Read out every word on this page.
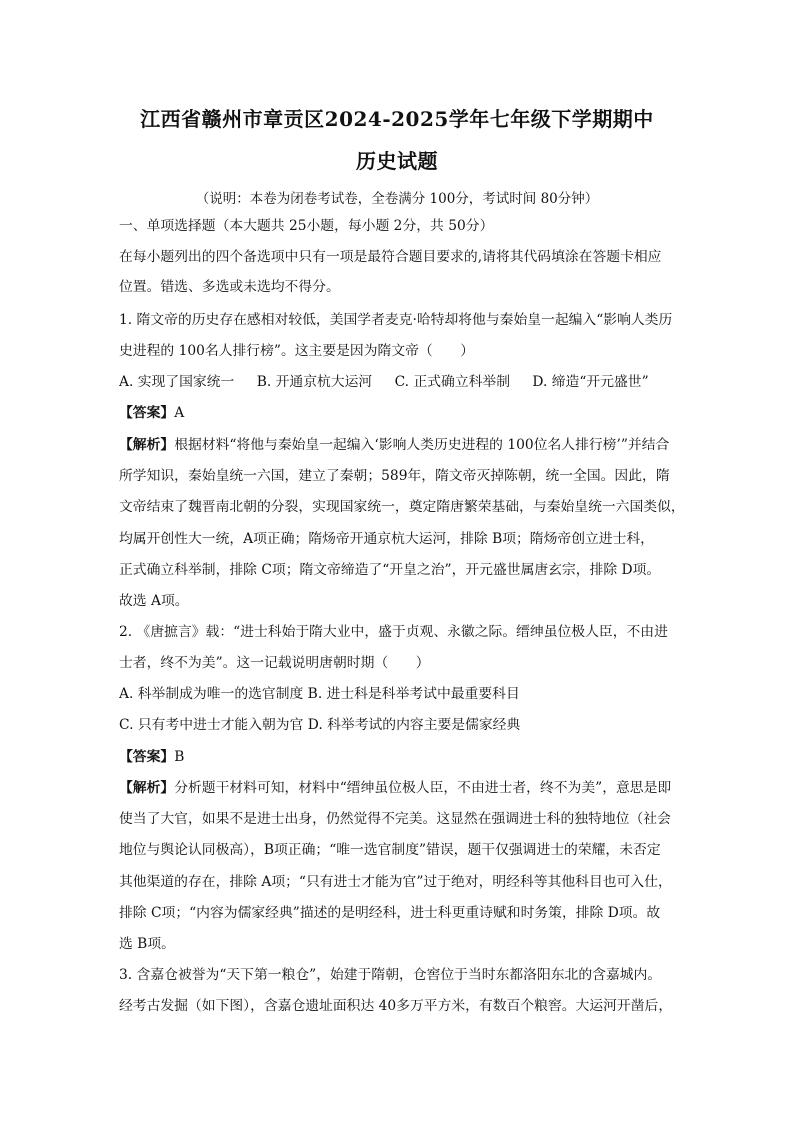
江西省赣州市章贡区2024-2025学年七年级下学期期中
历史试题
（说明：本卷为闭卷考试卷，全卷满分 100分，考试时间 80分钟）
一、单项选择题（本大题共 25小题，每小题 2分，共 50分）
在每小题列出的四个备选项中只有一项是最符合题目要求的,请将其代码填涂在答题卡相应
位置。错选、多选或未选均不得分。
1. 隋文帝的历史存在感相对较低，美国学者麦克·哈特却将他与秦始皇一起编入“影响人类历
史进程的 100名人排行榜”。这主要是因为隋文帝（　　）
A. 实现了国家统一 B. 开通京杭大运河 C. 正式确立科举制 D. 缔造“开元盛世”
【答案】A
【解析】根据材料“将他与秦始皇一起编入‘影响人类历史进程的 100位名人排行榜’”并结合
所学知识，秦始皇统一六国，建立了秦朝；589年，隋文帝灭掉陈朝，统一全国。因此，隋
文帝结束了魏晋南北朝的分裂，实现国家统一，奠定隋唐繁荣基础，与秦始皇统一六国类似，
均属开创性大一统，A项正确；隋炀帝开通京杭大运河，排除 B项；隋炀帝创立进士科，
正式确立科举制，排除 C项；隋文帝缔造了“开皇之治”，开元盛世属唐玄宗，排除 D项。
故选 A项。
2. 《唐摭言》载：“进士科始于隋大业中，盛于贞观、永徽之际。缙绅虽位极人臣，不由进
士者，终不为美”。这一记载说明唐朝时期（　　）
A. 科举制成为唯一的选官制度 B. 进士科是科举考试中最重要科目
C. 只有考中进士才能入朝为官 D. 科举考试的内容主要是儒家经典
【答案】B
【解析】分析题干材料可知，材料中“缙绅虽位极人臣，不由进士者，终不为美”，意思是即
使当了大官，如果不是进士出身，仍然觉得不完美。这显然在强调进士科的独特地位（社会
地位与舆论认同极高），B项正确；“唯一选官制度”错误，题干仅强调进士的荣耀，未否定
其他渠道的存在，排除 A项；“只有进士才能为官”过于绝对，明经科等其他科目也可入仕，
排除 C项；“内容为儒家经典”描述的是明经科，进士科更重诗赋和时务策，排除 D项。故
选 B项。
3. 含嘉仓被誉为“天下第一粮仓”，始建于隋朝，仓窖位于当时东都洛阳东北的含嘉城内。
经考古发掘（如下图），含嘉仓遗址面积达 40多万平方米，有数百个粮窖。大运河开凿后，
